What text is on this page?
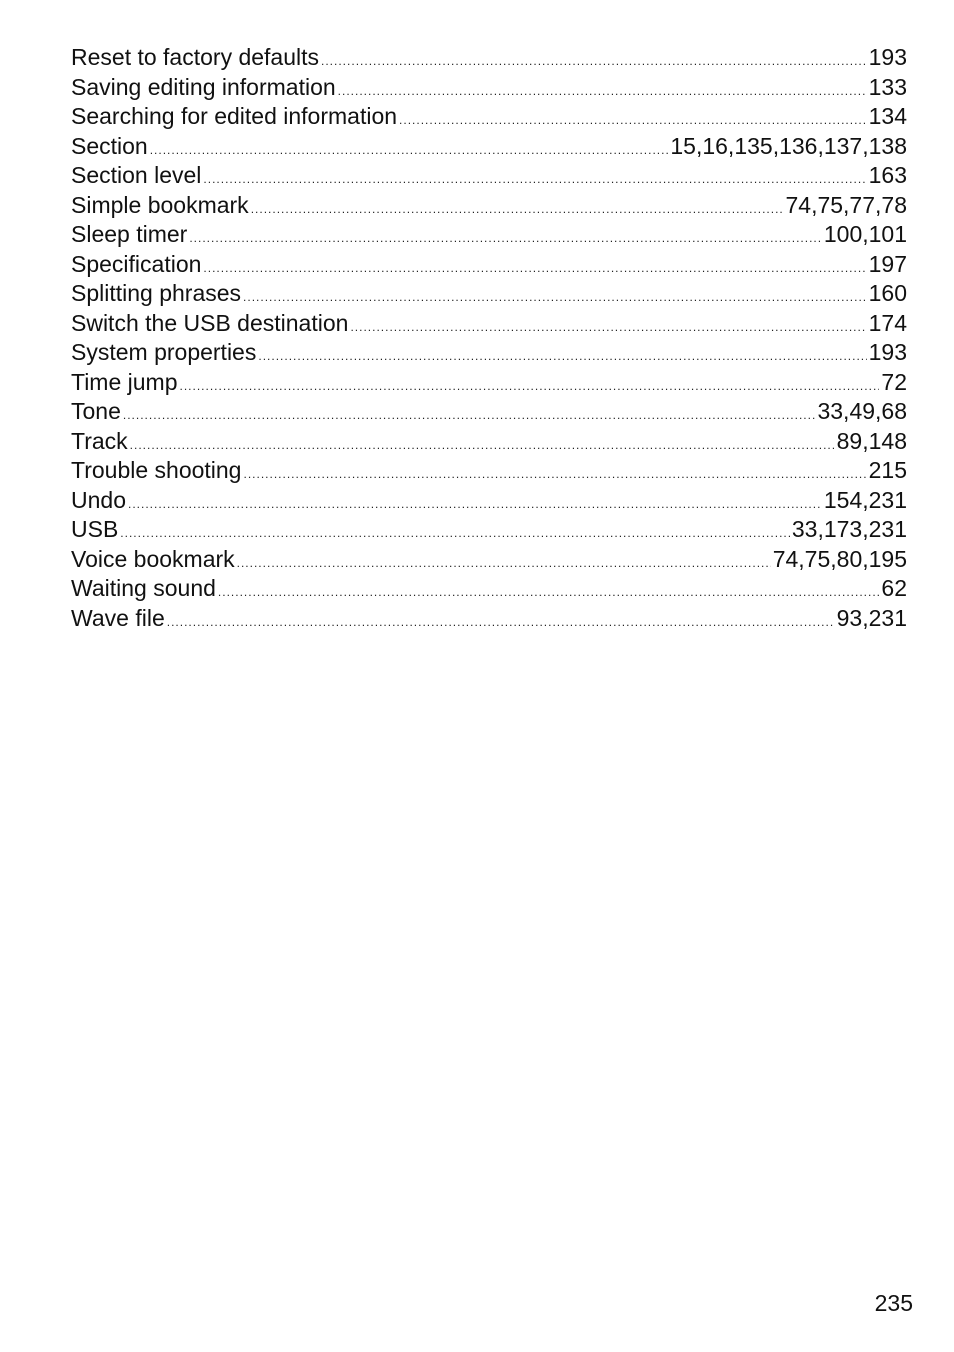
Reset to factory defaults .....	193
Saving editing information .....	133
Searching for edited information .....	134
Section .....	15,16,135,136,137,138
Section level .....	163
Simple bookmark .....	74,75,77,78
Sleep timer .....	100,101
Specification .....	197
Splitting phrases .....	160
Switch the USB destination .....	174
System properties .....	193
Time jump .....	72
Tone .....	33,49,68
Track .....	89,148
Trouble shooting .....	215
Undo .....	154,231
USB .....	33,173,231
Voice bookmark .....	74,75,80,195
Waiting sound .....	62
Wave file .....	93,231
235
